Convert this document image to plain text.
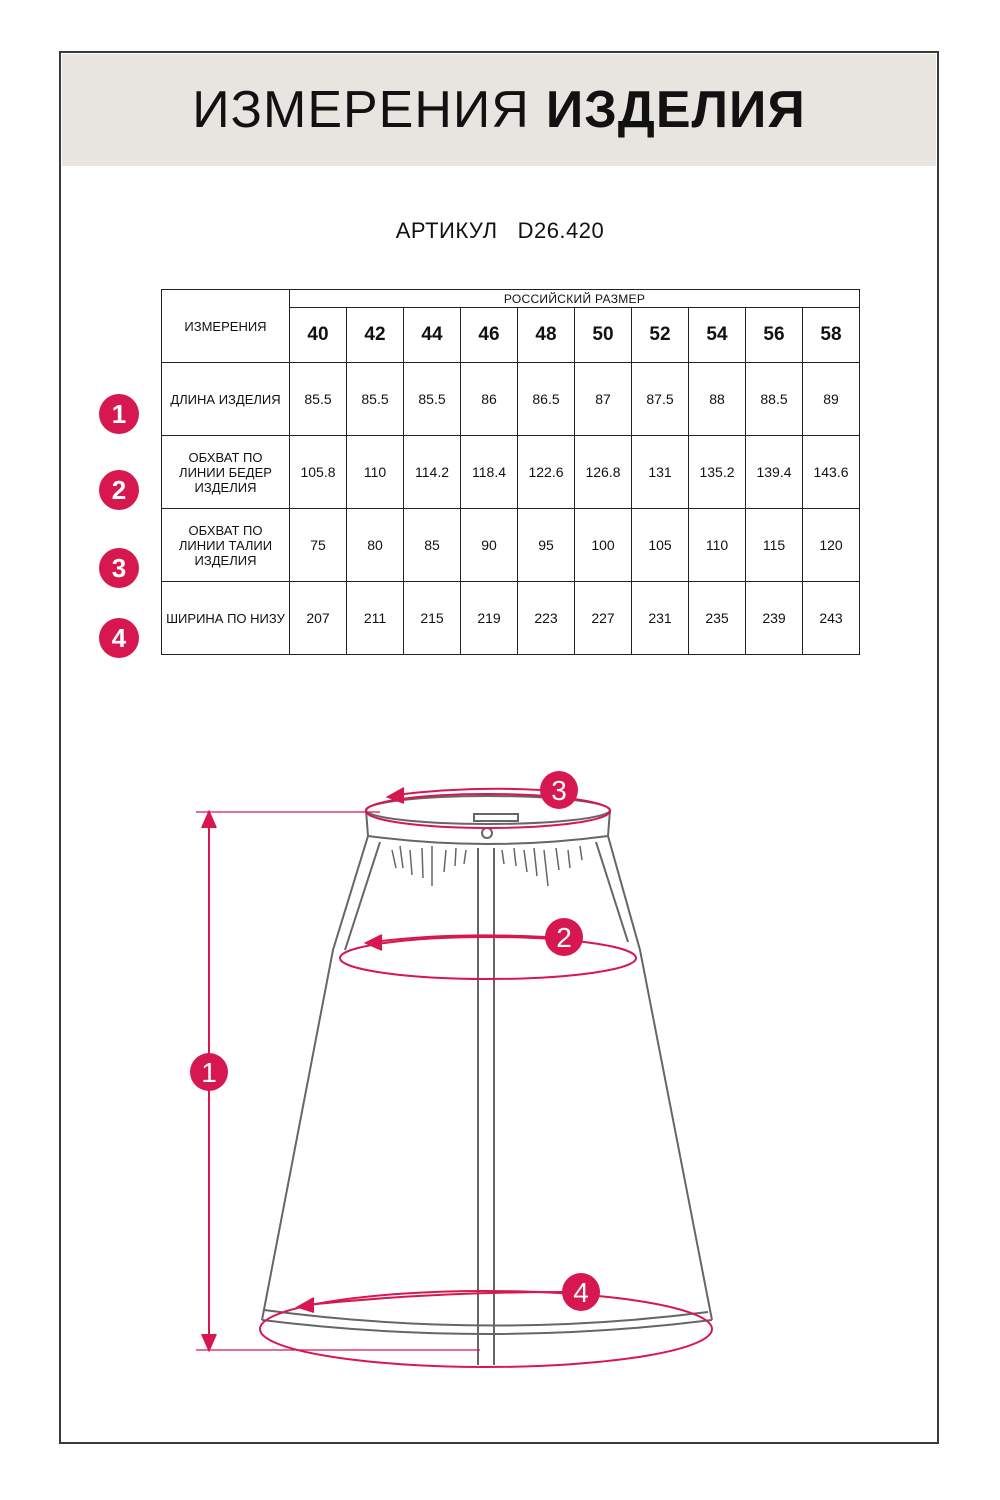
ИЗМЕРЕНИЯ ИЗДЕЛИЯ
АРТИКУЛ D26.420
ИЗМЕРЕНИЯ	РОССИЙСКИЙ РАЗМЕР									
	40	42	44	46	48	50	52	54	56	58
ДЛИНА ИЗДЕЛИЯ	85.5	85.5	85.5	86	86.5	87	87.5	88	88.5	89
ОБХВАТ ПО ЛИНИИ БЕДЕР ИЗДЕЛИЯ	105.8	110	114.2	118.4	122.6	126.8	131	135.2	139.4	143.6
ОБХВАТ ПО ЛИНИИ ТАЛИИ ИЗДЕЛИЯ	75	80	85	90	95	100	105	110	115	120
ШИРИНА ПО НИЗУ	207	211	215	219	223	227	231	235	239	243
1
2
3
4
1
2
3
4
